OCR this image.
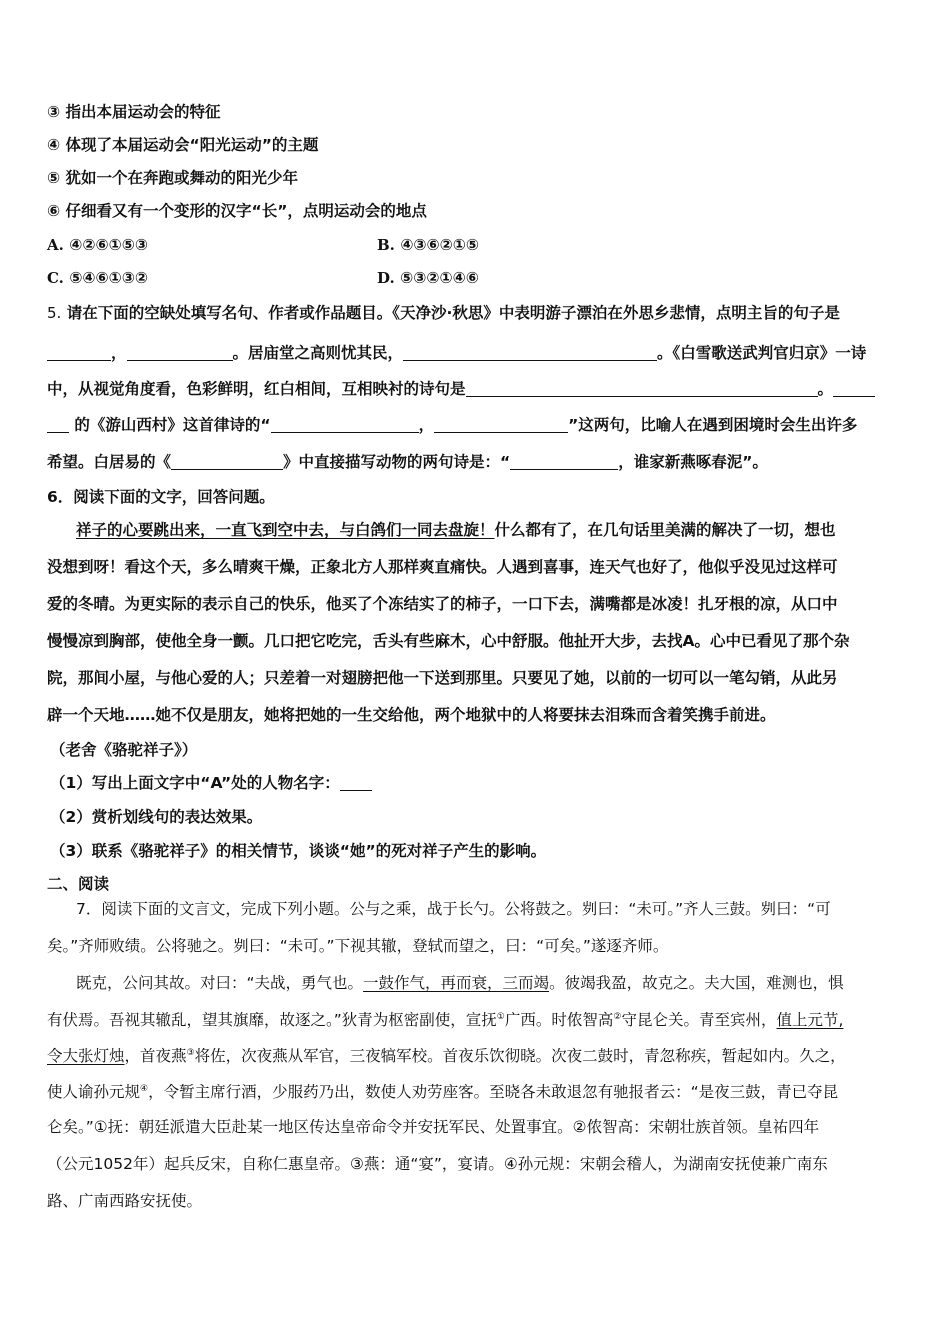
③ 指出本届运动会的特征
④ 体现了本届运动会“阳光运动”的主题
⑤ 犹如一个在奔跑或舞动的阳光少年
⑥ 仔细看又有一个变形的汉字“长”，点明运动会的地点
A. ④②⑥①⑤③	B. ④③⑥②①⑤
C. ⑤④⑥①③②	D. ⑤③②①④⑥
5. 请在下面的空缺处填写名句、作者或作品题目。《天净沙·秋思》中表明游子漂泊在外思乡悲情，点明主旨的句子是
，	。居庙堂之高则忧其民，	。《白雪歌送武判官归京》一诗
中，从视觉角度看，色彩鲜明，红白相间，互相映衬的诗句是	。
的《游山西村》这首律诗的“	，	”这两句，比喻人在遇到困境时会生出许多
希望。白居易的《	》中直接描写动物的两句诗是：“	，谁家新燕啄春泥”。
6．阅读下面的文字，回答问题。
祥子的心要跳出来，一直飞到空中去，与白鸽们一同去盘旋！什么都有了，在几句话里美满的解决了一切，想也
没想到呀！看这个天，多么晴爽干燥，正象北方人那样爽直痛快。人遇到喜事，连天气也好了，他似乎没见过这样可
爱的冬晴。为更实际的表示自己的快乐，他买了个冻结实了的柿子，一口下去，满嘴都是冰凌！扎牙根的凉，从口中
慢慢凉到胸部，使他全身一颤。几口把它吃完，舌头有些麻木，心中舒服。他扯开大步，去找A。心中已看见了那个杂
院，那间小屋，与他心爱的人；只差着一对翅膀把他一下送到那里。只要见了她，以前的一切可以一笔勾销，从此另
辟一个天地……她不仅是朋友，她将把她的一生交给他，两个地狱中的人将要抹去泪珠而含着笑携手前进。
（老舍《骆驼祥子》）
（1）写出上面文字中“A”处的人物名字：
（2）赏析划线句的表达效果。
（3）联系《骆驼祥子》的相关情节，谈谈“她”的死对祥子产生的影响。
二、阅读
7．阅读下面的文言文，完成下列小题。公与之乘，战于长勺。公将鼓之。刿曰：“未可。”齐人三鼓。刿曰：“可
矣。”齐师败绩。公将驰之。刿曰：“未可。”下视其辙，登轼而望之，曰：“可矣。”遂逐齐师。
既克，公问其故。对曰：“夫战，勇气也。一鼓作气，再而衰，三而竭。彼竭我盈，故克之。夫大国，难测也，惧
有伏焉。吾视其辙乱，望其旗靡，故逐之。”狄青为枢密副使，宣抚①广西。时侬智高②守昆仑关。青至宾州，值上元节,
令大张灯烛，首夜燕③将佐，次夜燕从军官，三夜犒军校。首夜乐饮彻晓。次夜二鼓时，青忽称疾，暂起如内。久之，
使人谕孙元规④，令暂主席行酒，少服药乃出，数使人劝劳座客。至晓各未敢退忽有驰报者云：“是夜三鼓，青已夺昆
仑矣。”①抚：朝廷派遣大臣赴某一地区传达皇帝命令并安抚军民、处置事宜。②侬智高：宋朝壮族首领。皇祐四年
（公元1052年）起兵反宋，自称仁惠皇帝。③燕：通“宴”，宴请。④孙元规：宋朝会稽人，为湖南安抚使兼广南东
路、广南西路安抚使。
